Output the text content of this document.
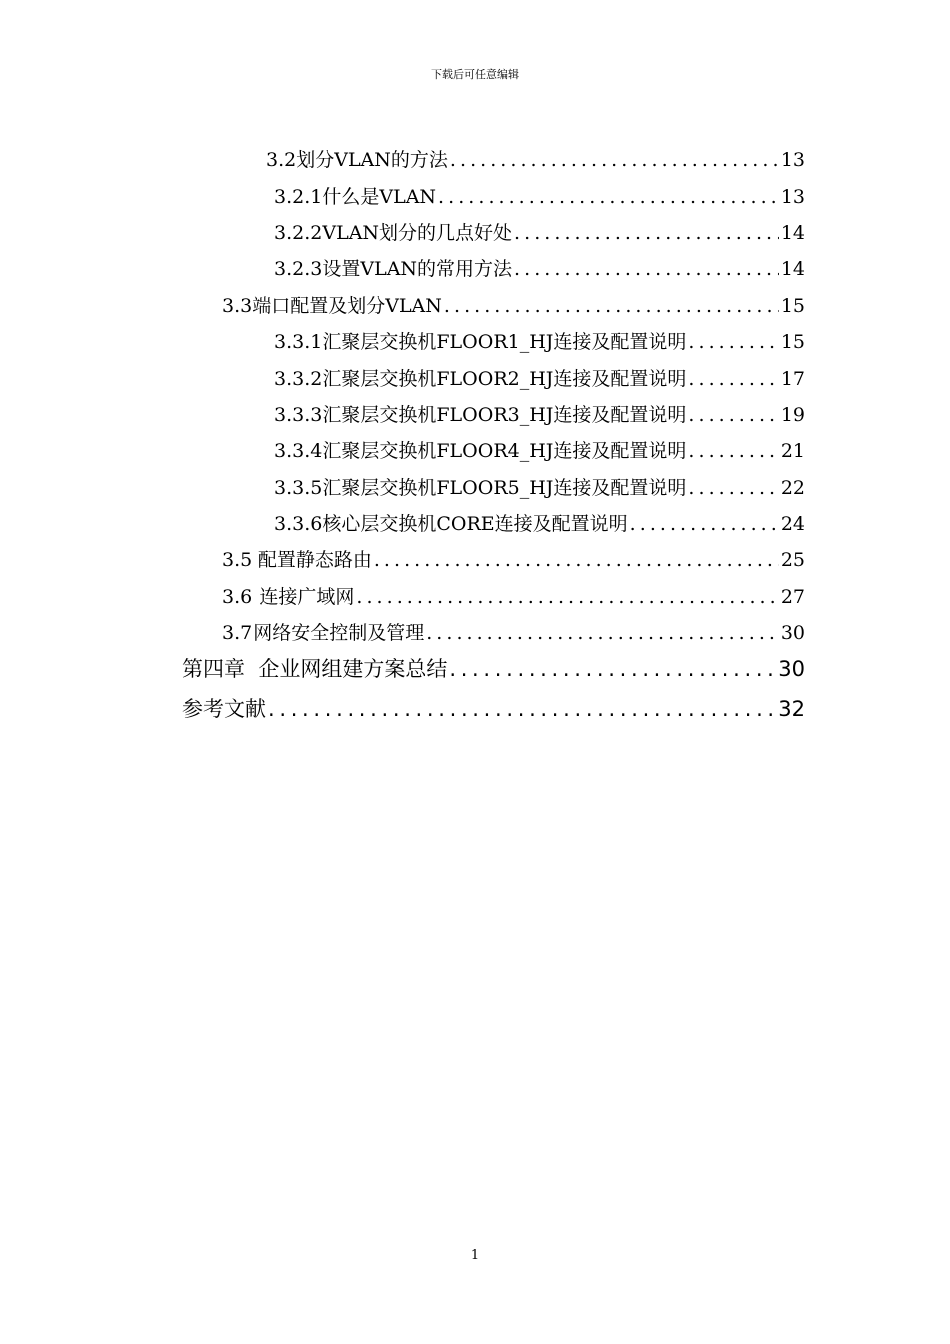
下载后可任意编辑
3.2 划分VLAN的方法 . . .	13
3.2.1 什么是VLAN . . .	13
3.2.2 VLAN划分的几点好处 . . .	14
3.2.3 设置VLAN的常用方法 . . .	14
3.3 端口配置及划分VLAN . . .	15
3.3.1 汇聚层交换机FLOOR1_HJ连接及配置说明 . . .	15
3.3.2 汇聚层交换机FLOOR2_HJ连接及配置说明 . . .	17
3.3.3 汇聚层交换机FLOOR3_HJ连接及配置说明 . . .	19
3.3.4 汇聚层交换机FLOOR4_HJ连接及配置说明 . . .	21
3.3.5 汇聚层交换机FLOOR5_HJ连接及配置说明 . . .	22
3.3.6 核心层交换机CORE连接及配置说明 . . .	24
3.5 配置静态路由 . . .	25
3.6 连接广域网 . . .	27
3.7 网络安全控制及管理 . . .	30
第四章  企业网组建方案总结 . . .	30
参考文献 . . .	32
1
